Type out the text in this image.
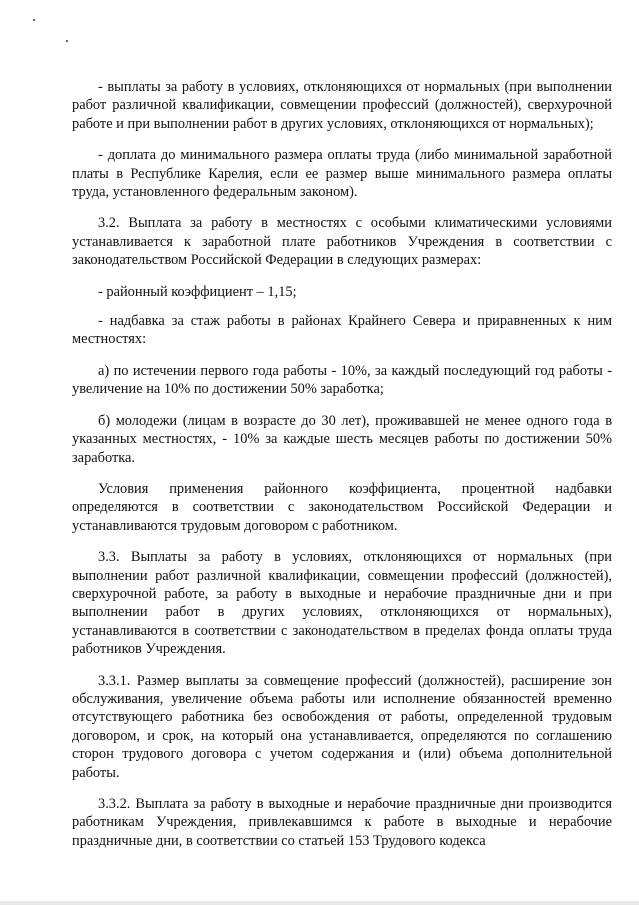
- выплаты за работу в условиях, отклоняющихся от нормальных (при выполнении работ различной квалификации, совмещении профессий (должностей), сверхурочной работе и при выполнении работ в других условиях, отклоняющихся от нормальных);

- доплата до минимального размера оплаты труда (либо минимальной заработной платы в Республике Карелия, если ее размер выше минимального размера оплаты труда, установленного федеральным законом).

3.2. Выплата за работу в местностях с особыми климатическими условиями устанавливается к заработной плате работников Учреждения в соответствии с законодательством Российской Федерации в следующих размерах:

- районный коэффициент – 1,15;

- надбавка за стаж работы в районах Крайнего Севера и приравненных к ним местностях:

а) по истечении первого года работы - 10%, за каждый последующий год работы - увеличение на 10% по достижении 50% заработка;

б) молодежи (лицам в возрасте до 30 лет), проживавшей не менее одного года в указанных местностях, - 10% за каждые шесть месяцев работы по достижении 50% заработка.

Условия применения районного коэффициента, процентной надбавки определяются в соответствии с законодательством Российской Федерации и устанавливаются трудовым договором с работником.

3.3. Выплаты за работу в условиях, отклоняющихся от нормальных (при выполнении работ различной квалификации, совмещении профессий (должностей), сверхурочной работе, за работу в выходные и нерабочие праздничные дни и при выполнении работ в других условиях, отклоняющихся от нормальных), устанавливаются в соответствии с законодательством в пределах фонда оплаты труда работников Учреждения.

3.3.1. Размер выплаты за совмещение профессий (должностей), расширение зон обслуживания, увеличение объема работы или исполнение обязанностей временно отсутствующего работника без освобождения от работы, определенной трудовым договором, и срок, на который она устанавливается, определяются по соглашению сторон трудового договора с учетом содержания и (или) объема дополнительной работы.

3.3.2. Выплата за работу в выходные и нерабочие праздничные дни производится работникам Учреждения, привлекавшимся к работе в выходные и нерабочие праздничные дни, в соответствии со статьей 153 Трудового кодекса
